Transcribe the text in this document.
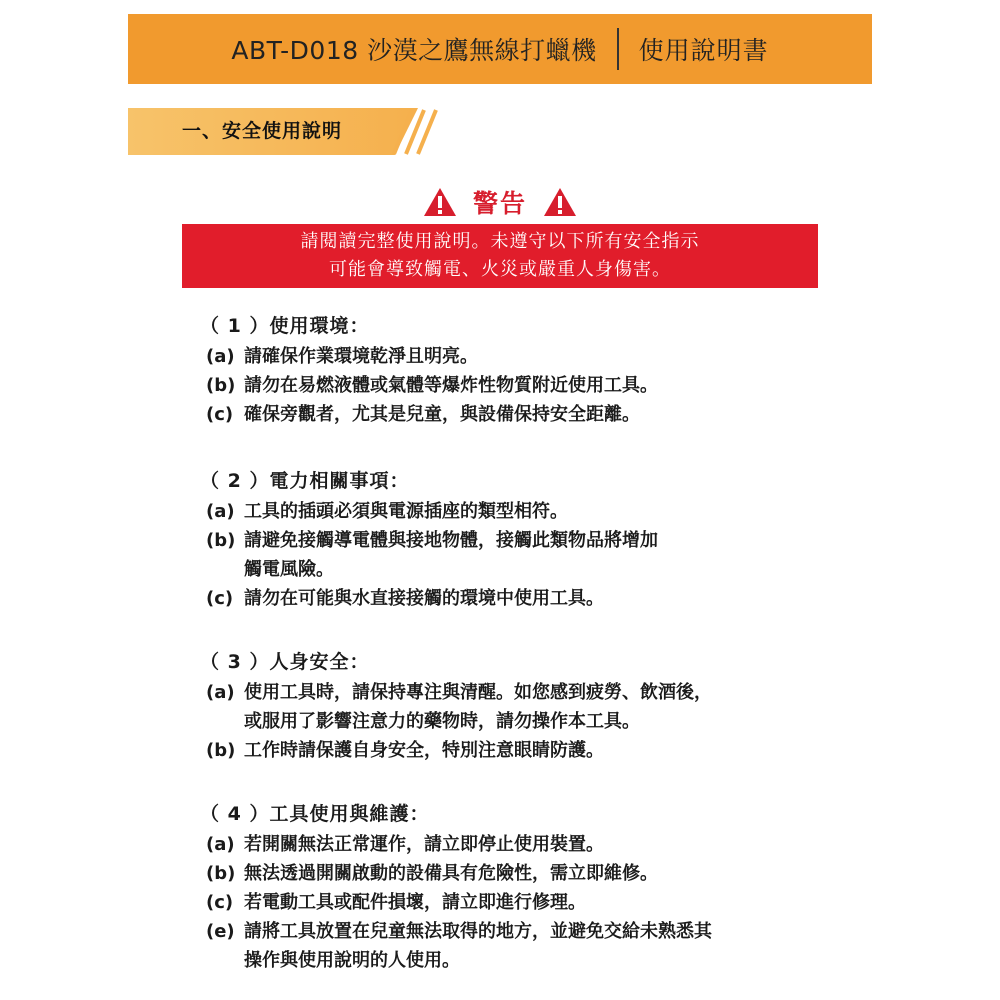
ABT-D018 沙漠之鷹無線打蠟機 使用說明書
一、安全使用說明
警告
請閱讀完整使用說明。未遵守以下所有安全指示
可能會導致觸電、火災或嚴重人身傷害。
（ 1 ）使用環境：
(a) 請確保作業環境乾淨且明亮。
(b) 請勿在易燃液體或氣體等爆炸性物質附近使用工具。
(c) 確保旁觀者，尤其是兒童，與設備保持安全距離。
（ 2 ）電力相關事項：
(a) 工具的插頭必須與電源插座的類型相符。
(b) 請避免接觸導電體與接地物體，接觸此類物品將增加
觸電風險。
(c) 請勿在可能與水直接接觸的環境中使用工具。
（ 3 ）人身安全：
(a) 使用工具時，請保持專注與清醒。如您感到疲勞、飲酒後，
或服用了影響注意力的藥物時，請勿操作本工具。
(b) 工作時請保護自身安全，特別注意眼睛防護。
（ 4 ）工具使用與維護：
(a) 若開關無法正常運作，請立即停止使用裝置。
(b) 無法透過開關啟動的設備具有危險性，需立即維修。
(c) 若電動工具或配件損壞，請立即進行修理。
(e) 請將工具放置在兒童無法取得的地方，並避免交給未熟悉其
操作與使用說明的人使用。
